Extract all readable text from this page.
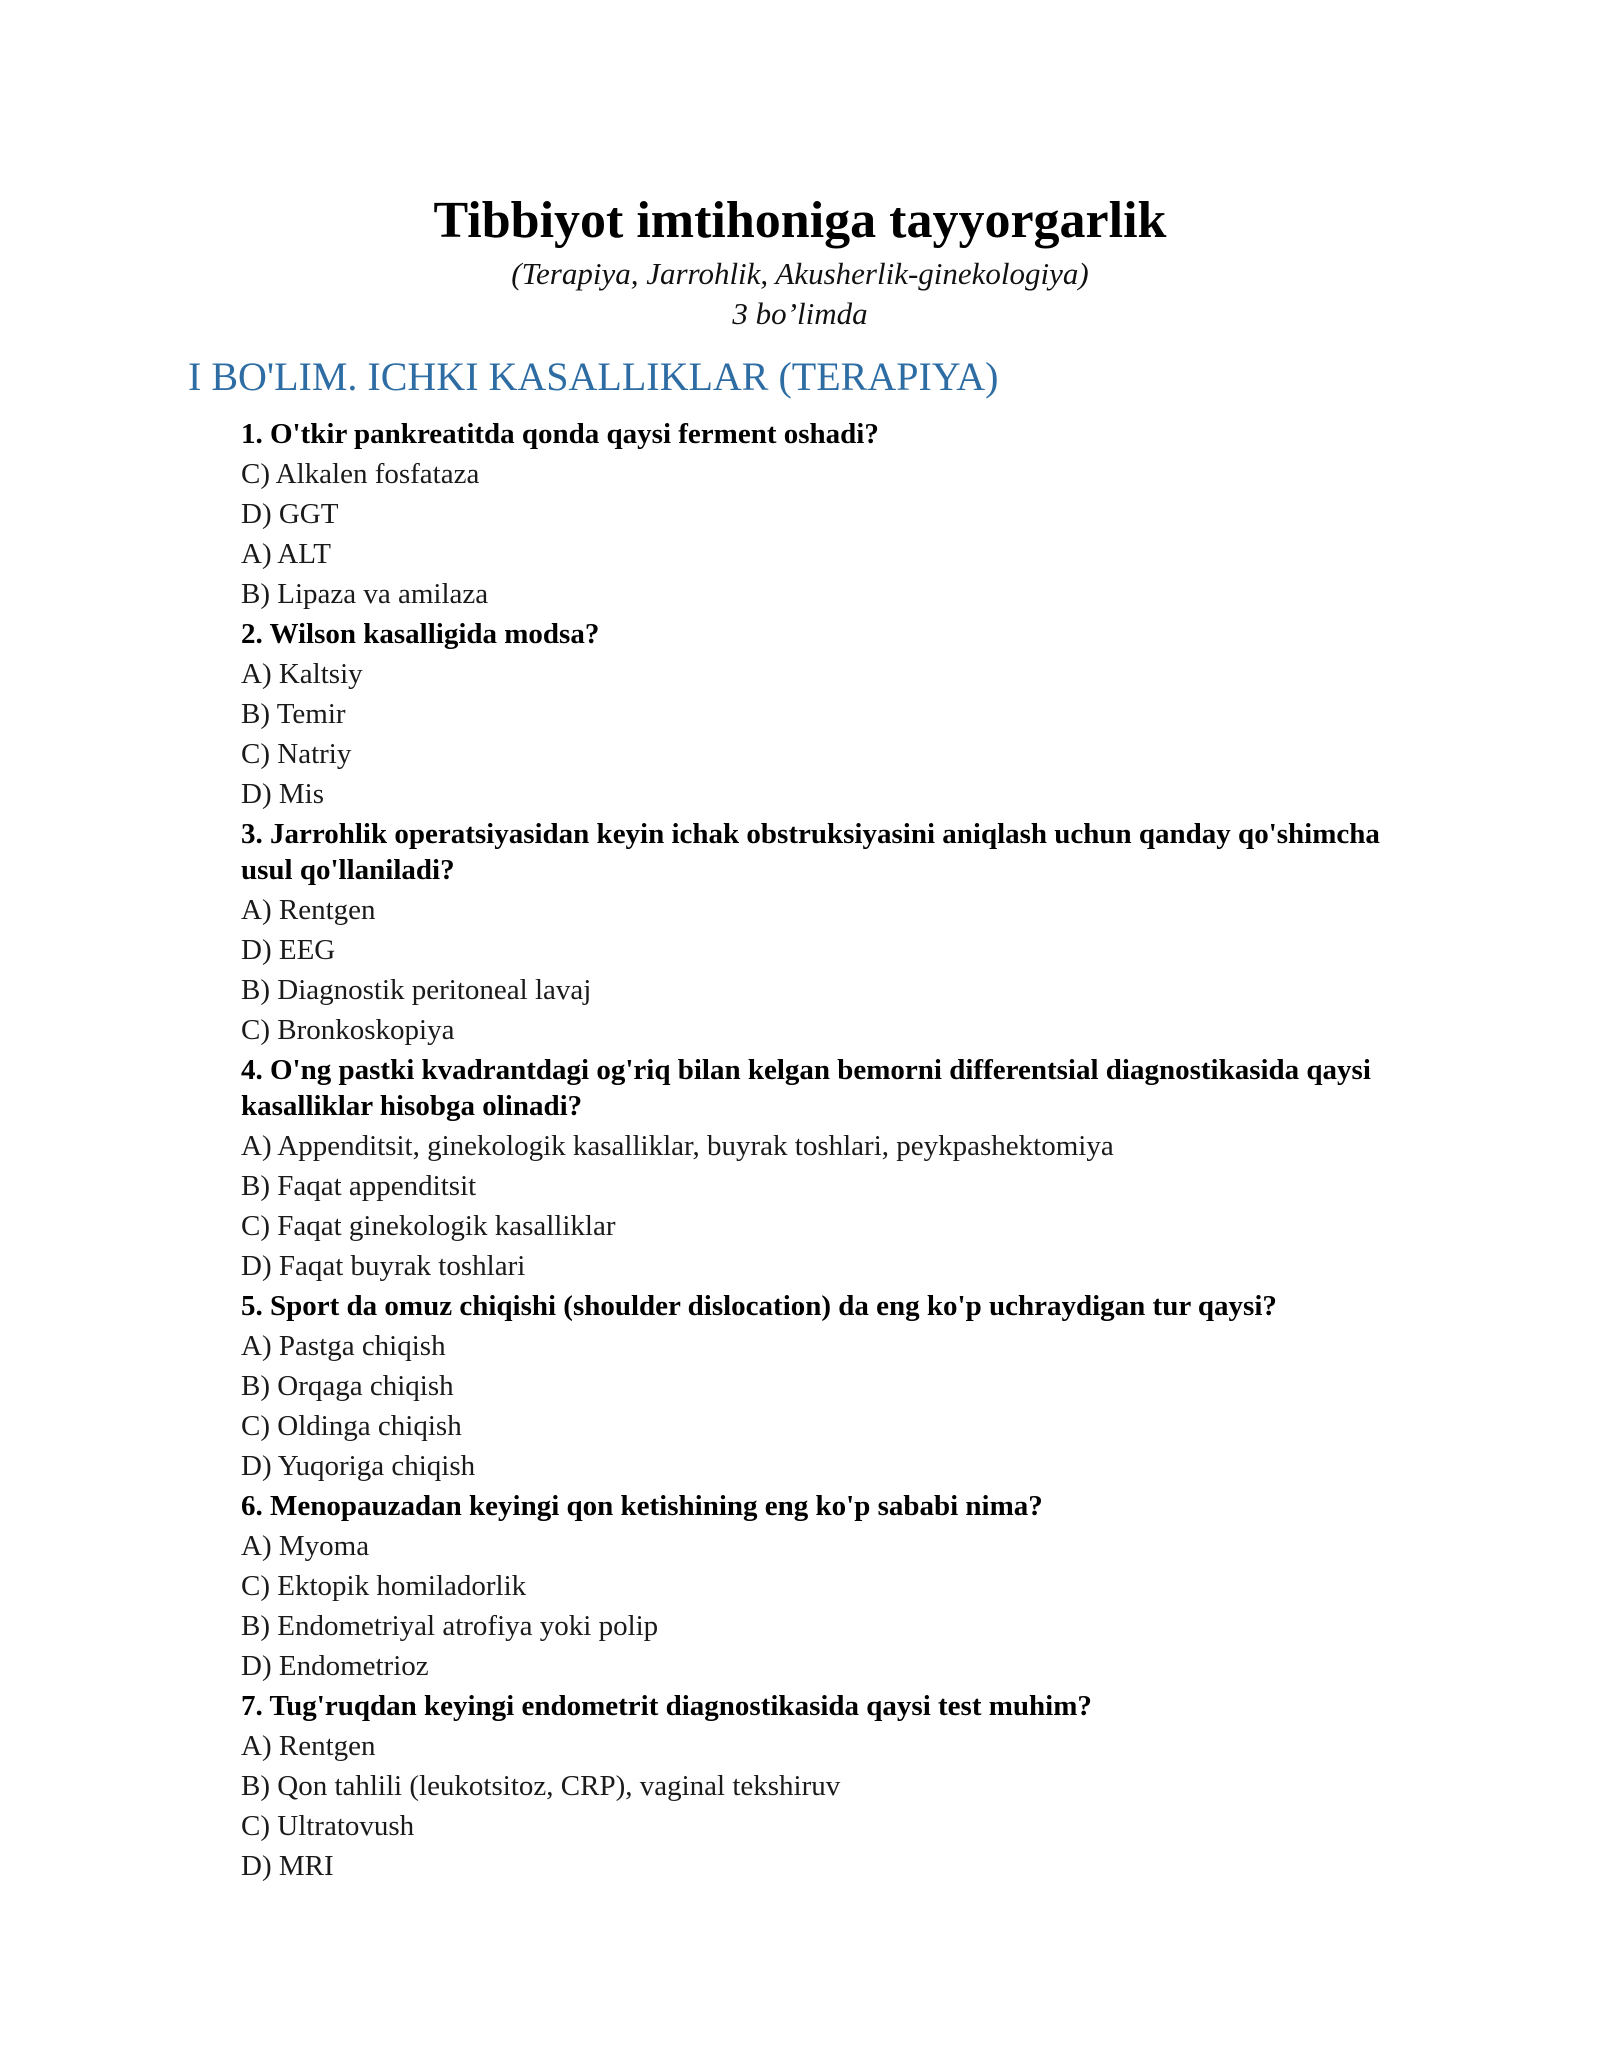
Tibbiyot imtihoniga tayyorgarlik

(Terapiya, Jarrohlik, Akusherlik-ginekologiya)

3 bo’limda

I BO'LIM. ICHKI KASALLIKLAR (TERAPIYA)

1. O'tkir pankreatitda qonda qaysi ferment oshadi?

C) Alkalen fosfataza
D) GGT
A) ALT
B) Lipaza va amilaza

2. Wilson kasalligida modsa?

A) Kaltsiy
B) Temir
C) Natriy
D) Mis

3. Jarrohlik operatsiyasidan keyin ichak obstruksiyasini aniqlash uchun qanday qo'shimcha usul qo'llaniladi?

A) Rentgen
D) EEG
B) Diagnostik peritoneal lavaj
C) Bronkoskopiya

4. O'ng pastki kvadrantdagi og'riq bilan kelgan bemorni differentsial diagnostikasida qaysi kasalliklar hisobga olinadi?

A) Appenditsit, ginekologik kasalliklar, buyrak toshlari, peykpashektomiya
B) Faqat appenditsit
C) Faqat ginekologik kasalliklar
D) Faqat buyrak toshlari

5. Sport da omuz chiqishi (shoulder dislocation) da eng ko'p uchraydigan tur qaysi?

A) Pastga chiqish
B) Orqaga chiqish
C) Oldinga chiqish
D) Yuqoriga chiqish

6. Menopauzadan keyingi qon ketishining eng ko'p sababi nima?

A) Myoma
C) Ektopik homiladorlik
B) Endometriyal atrofiya yoki polip
D) Endometrioz

7. Tug'ruqdan keyingi endometrit diagnostikasida qaysi test muhim?

A) Rentgen
B) Qon tahlili (leukotsitoz, CRP), vaginal tekshiruv
C) Ultratovush
D) MRI
